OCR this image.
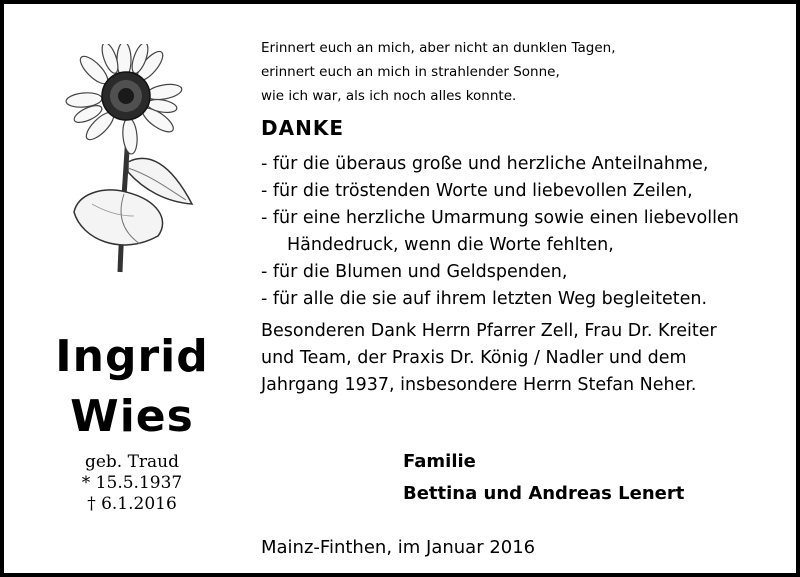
Ingrid
Wies
geb. Traud
* 15.5.1937
† 6.1.2016
Erinnert euch an mich, aber nicht an dunklen Tagen,
erinnert euch an mich in strahlender Sonne,
wie ich war, als ich noch alles konnte.
DANKE
- für die überaus große und herzliche Anteilnahme,
- für die tröstenden Worte und liebevollen Zeilen,
- für eine herzliche Umarmung sowie einen liebevollen
Händedruck, wenn die Worte fehlten,
- für die Blumen und Geldspenden,
- für alle die sie auf ihrem letzten Weg begleiteten.
Besonderen Dank Herrn Pfarrer Zell, Frau Dr. Kreiter
und Team, der Praxis Dr. König / Nadler und dem
Jahrgang 1937, insbesondere Herrn Stefan Neher.
Familie
Bettina und Andreas Lenert
Mainz-Finthen, im Januar 2016
